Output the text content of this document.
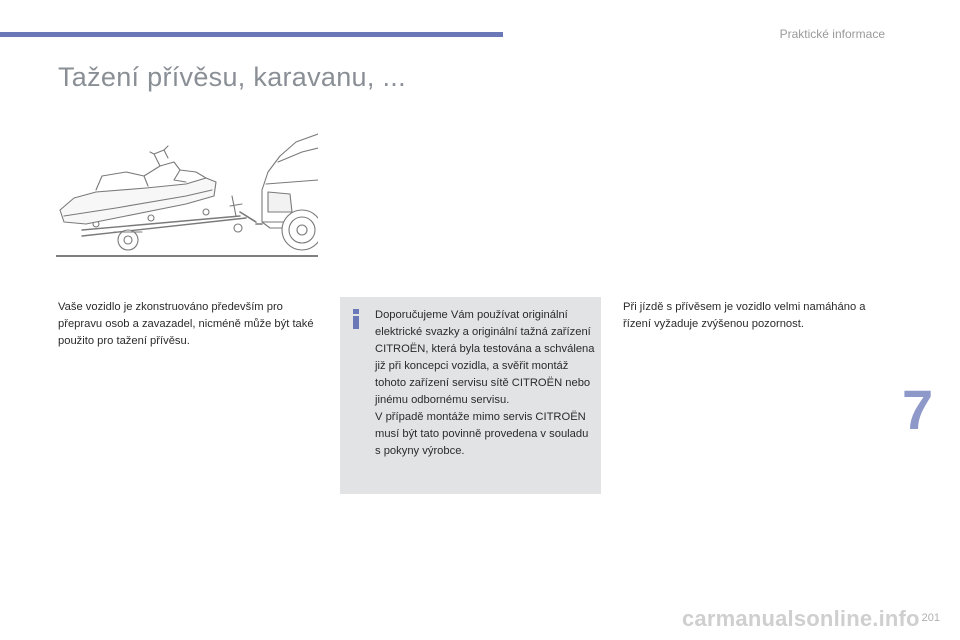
Praktické informace
Tažení přívěsu, karavanu, ...
Vaše vozidlo je zkonstruováno především pro přepravu osob a zavazadel, nicméně může být také použito pro tažení přívěsu.
Doporučujeme Vám používat originální elektrické svazky a originální tažná zařízení CITROËN, která byla testována a schválena již při koncepci vozidla, a svěřit montáž tohoto zařízení servisu sítě CITROËN nebo jinému odbornému servisu.
V případě montáže mimo servis CITROËN musí být tato povinně provedena v souladu s pokyny výrobce.
Při jízdě s přívěsem je vozidlo velmi namáháno a řízení vyžaduje zvýšenou pozornost.
7
201
carmanualsonline.info
